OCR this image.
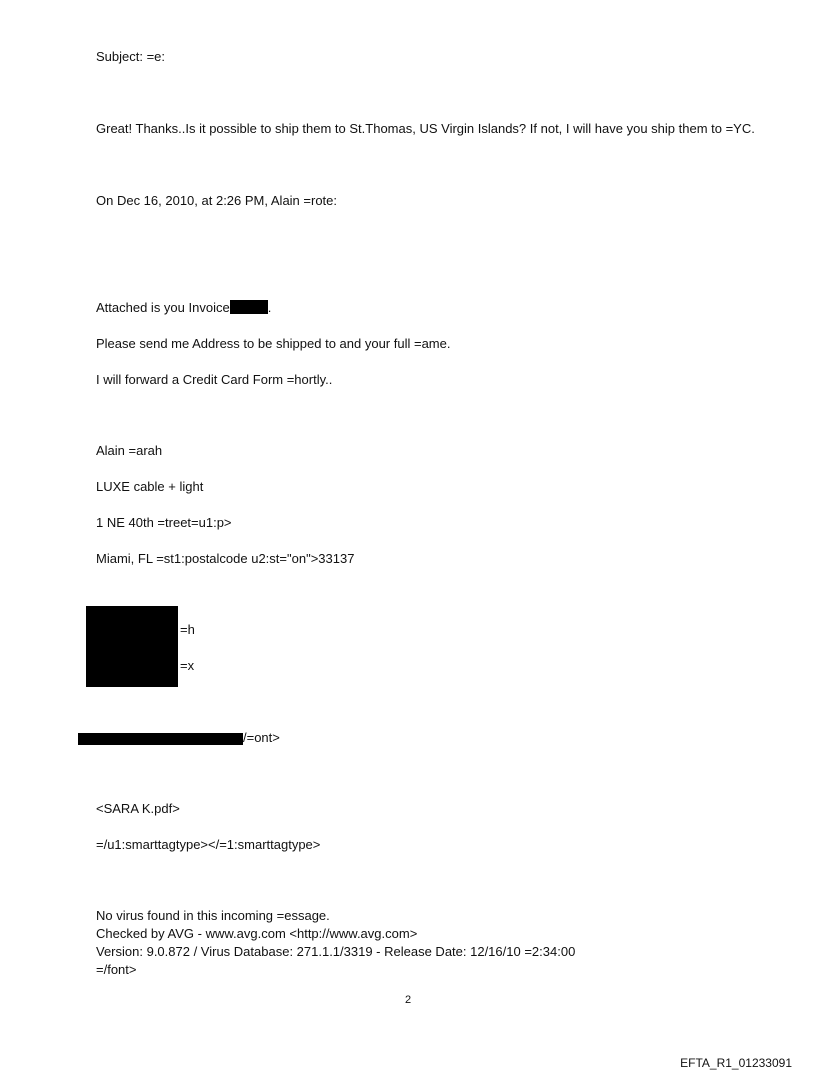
Subject: =e:
Great! Thanks..Is it possible to ship them to St.Thomas, US Virgin Islands? If not, I will have you ship them to =YC.
On Dec 16, 2010, at 2:26 PM, Alain =rote:
Attached is you Invoice	.
Please send me Address to be shipped to and your full =ame.
I will forward a Credit Card Form =hortly..
Alain =arah
LUXE cable + light
1 NE 40th =treet=u1:p>
Miami, FL =st1:postalcode u2:st="on">33137
=h
=x
/=ont>
<SARA K.pdf>
=/u1:smarttagtype></=1:smarttagtype>
No virus found in this incoming =essage.
Checked by AVG - www.avg.com <http://www.avg.com>
Version: 9.0.872 / Virus Database: 271.1.1/3319 - Release Date: 12/16/10 =2:34:00
=/font>
2
EFTA_R1_01233091
